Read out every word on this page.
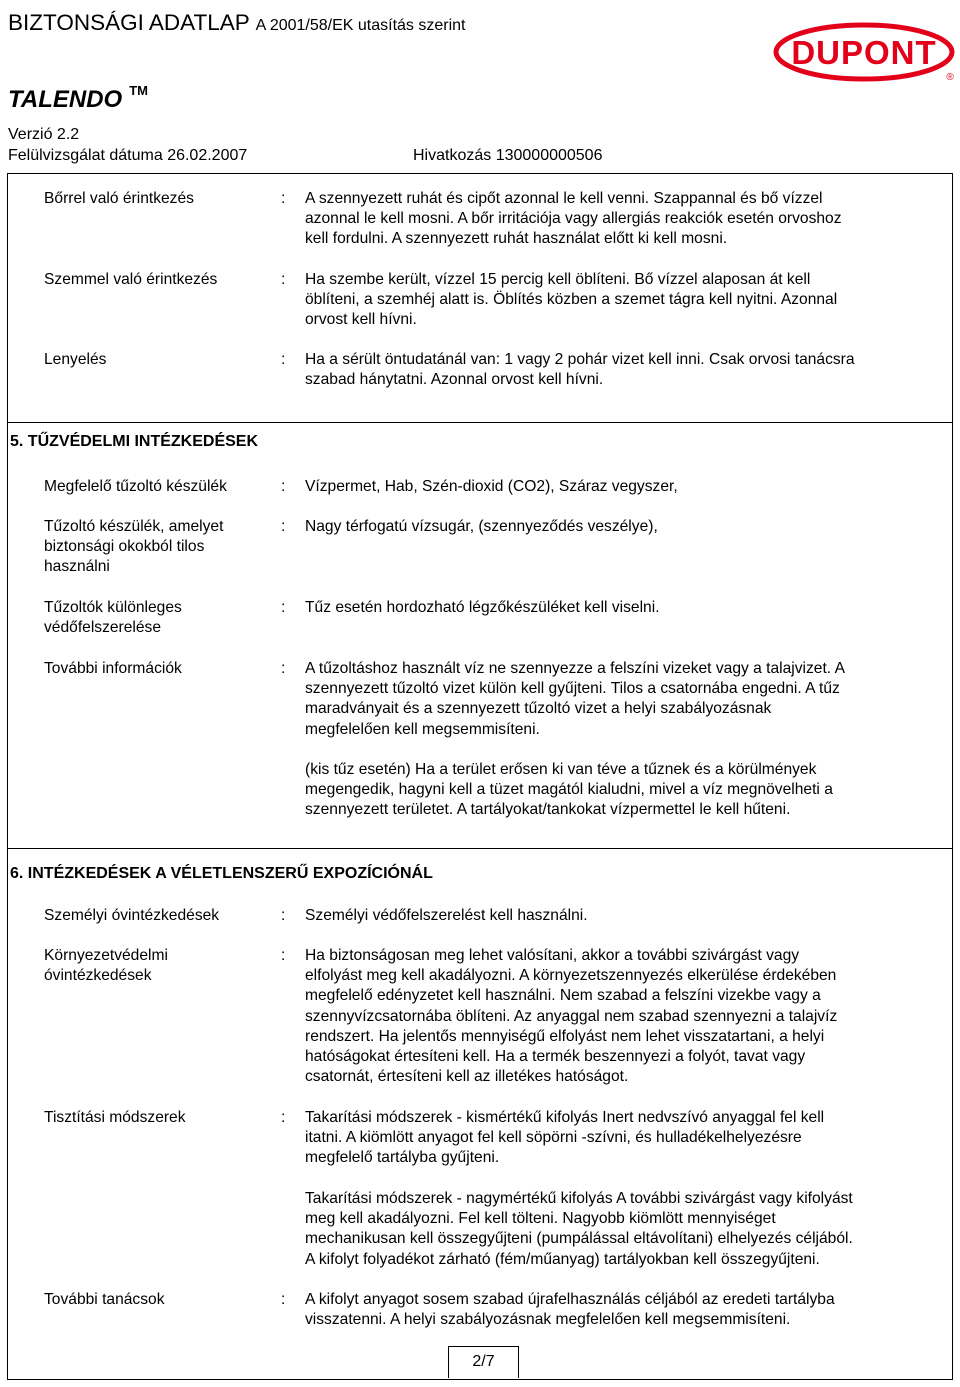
BIZTONSÁGI ADATLAP A 2001/58/EK utasítás szerint
DUPONT
®
TALENDO ™
Verzió 2.2
Felülvizsgálat dátuma 26.02.2007	Hivatkozás 130000000506
Bőrrel való érintkezés	: A szennyezett ruhát és cipőt azonnal le kell venni. Szappannal és bő vízzel
azonnal le kell mosni. A bőr irritációja vagy allergiás reakciók esetén orvoshoz
kell fordulni. A szennyezett ruhát használat előtt ki kell mosni.
Szemmel való érintkezés	: Ha szembe került, vízzel 15 percig kell öblíteni. Bő vízzel alaposan át kell
öblíteni, a szemhéj alatt is. Öblítés közben a szemet tágra kell nyitni. Azonnal
orvost kell hívni.
Lenyelés	: Ha a sérült öntudatánál van: 1 vagy 2 pohár vizet kell inni. Csak orvosi tanácsra
szabad hánytatni. Azonnal orvost kell hívni.
5. TŰZVÉDELMI INTÉZKEDÉSEK
Megfelelő tűzoltó készülék	: Vízpermet, Hab, Szén-dioxid (CO2), Száraz vegyszer,
Tűzoltó készülék, amelyet
biztonsági okokból tilos
használni
: Nagy térfogatú vízsugár, (szennyeződés veszélye),
Tűzoltók különleges
védőfelszerelése
: Tűz esetén hordozható légzőkészüléket kell viselni.
További információk	: A tűzoltáshoz használt víz ne szennyezze a felszíni vizeket vagy a talajvizet. A
szennyezett tűzoltó vizet külön kell gyűjteni. Tilos a csatornába engedni. A tűz
maradványait és a szennyezett tűzoltó vizet a helyi szabályozásnak
megfelelően kell megsemmisíteni.
(kis tűz esetén) Ha a terület erősen ki van téve a tűznek és a körülmények
megengedik, hagyni kell a tüzet magától kialudni, mivel a víz megnövelheti a
szennyezett területet. A tartályokat/tankokat vízpermettel le kell hűteni.
6. INTÉZKEDÉSEK A VÉLETLENSZERŰ EXPOZÍCIÓNÁL
Személyi óvintézkedések	: Személyi védőfelszerelést kell használni.
Környezetvédelmi
óvintézkedések
: Ha biztonságosan meg lehet valósítani, akkor a további szivárgást vagy
elfolyást meg kell akadályozni. A környezetszennyezés elkerülése érdekében
megfelelő edényzetet kell használni. Nem szabad a felszíni vizekbe vagy a
szennyvízcsatornába öblíteni. Az anyaggal nem szabad szennyezni a talajvíz
rendszert. Ha jelentős mennyiségű elfolyást nem lehet visszatartani, a helyi
hatóságokat értesíteni kell. Ha a termék beszennyezi a folyót, tavat vagy
csatornát, értesíteni kell az illetékes hatóságot.
Tisztítási módszerek	: Takarítási módszerek - kismértékű kifolyás Inert nedvszívó anyaggal fel kell
itatni. A kiömlött anyagot fel kell söpörni -szívni, és hulladékelhelyezésre
megfelelő tartályba gyűjteni.
Takarítási módszerek - nagymértékű kifolyás A további szivárgást vagy kifolyást
meg kell akadályozni. Fel kell tölteni. Nagyobb kiömlött mennyiséget
mechanikusan kell összegyűjteni (pumpálással eltávolítani) elhelyezés céljából.
A kifolyt folyadékot zárható (fém/műanyag) tartályokban kell összegyűjteni.
További tanácsok	: A kifolyt anyagot sosem szabad újrafelhasználás céljából az eredeti tartályba
visszatenni. A helyi szabályozásnak megfelelően kell megsemmisíteni.
2/7
